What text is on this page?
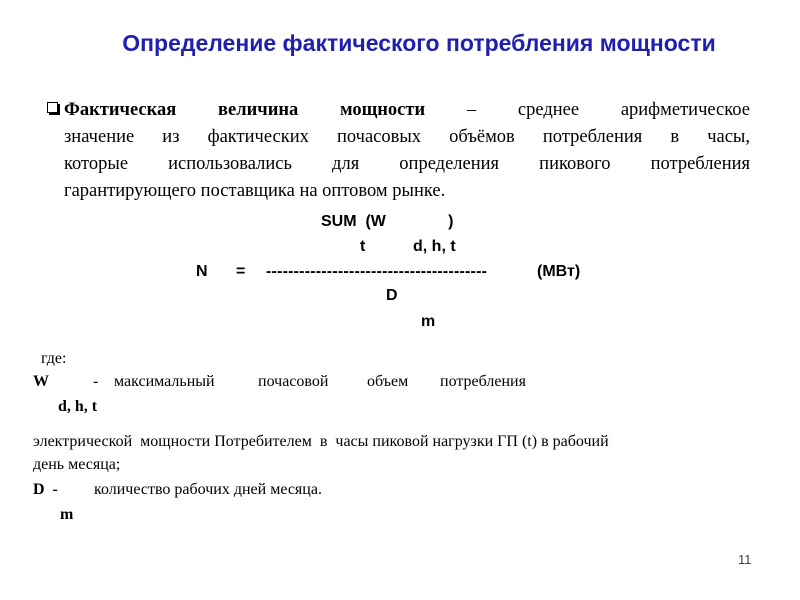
Определение фактического потребления мощности
Фактическая величина мощности – среднее арифметическое
значение из фактических почасовых объёмов потребления в часы,
которые использовались для определения пикового потребления
гарантирующего поставщика на оптовом рынке.
SUM  (W              )
t	d, h, t
N = ----------------------------------------	(МВт)
D
m
где:
W	- максимальный	почасовой объем потребления
d, h, t
электрической  мощности Потребителем  в  часы пиковой нагрузки ГП (t) в рабочий
день месяца;
D  - количество рабочих дней месяца.
m
11
